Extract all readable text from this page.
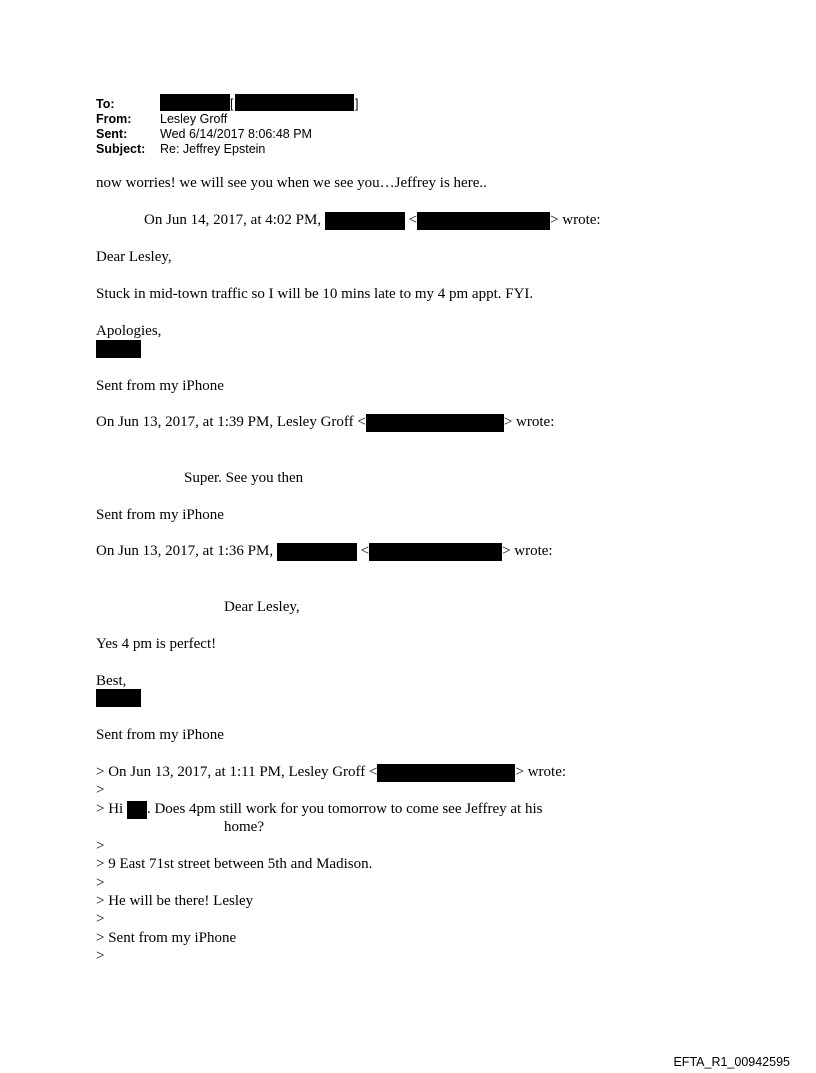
To:	[	]
From: Lesley Groff
Sent:	Wed 6/14/2017 8:06:48 PM
Subject: Re: Jeffrey Epstein
now worries! we will see you when we see you…Jeffrey is here..
On Jun 14, 2017, at 4:02 PM,	<	> wrote:
Dear Lesley,
Stuck in mid-town traffic so I will be 10 mins late to my 4 pm appt. FYI.
Apologies,
Sent from my iPhone
On Jun 13, 2017, at 1:39 PM, Lesley Groff <	> wrote:
Super. See you then
Sent from my iPhone
On Jun 13, 2017, at 1:36 PM,	<	> wrote:
Dear Lesley,
Yes 4 pm is perfect!
Best,
Sent from my iPhone
> On Jun 13, 2017, at 1:11 PM, Lesley Groff <	> wrote:
>
> Hi . Does 4pm still work for you tomorrow to come see Jeffrey at his
home?
>
> 9 East 71st street between 5th and Madison.
>
> He will be there! Lesley
>
> Sent from my iPhone
>
EFTA_R1_00942595
